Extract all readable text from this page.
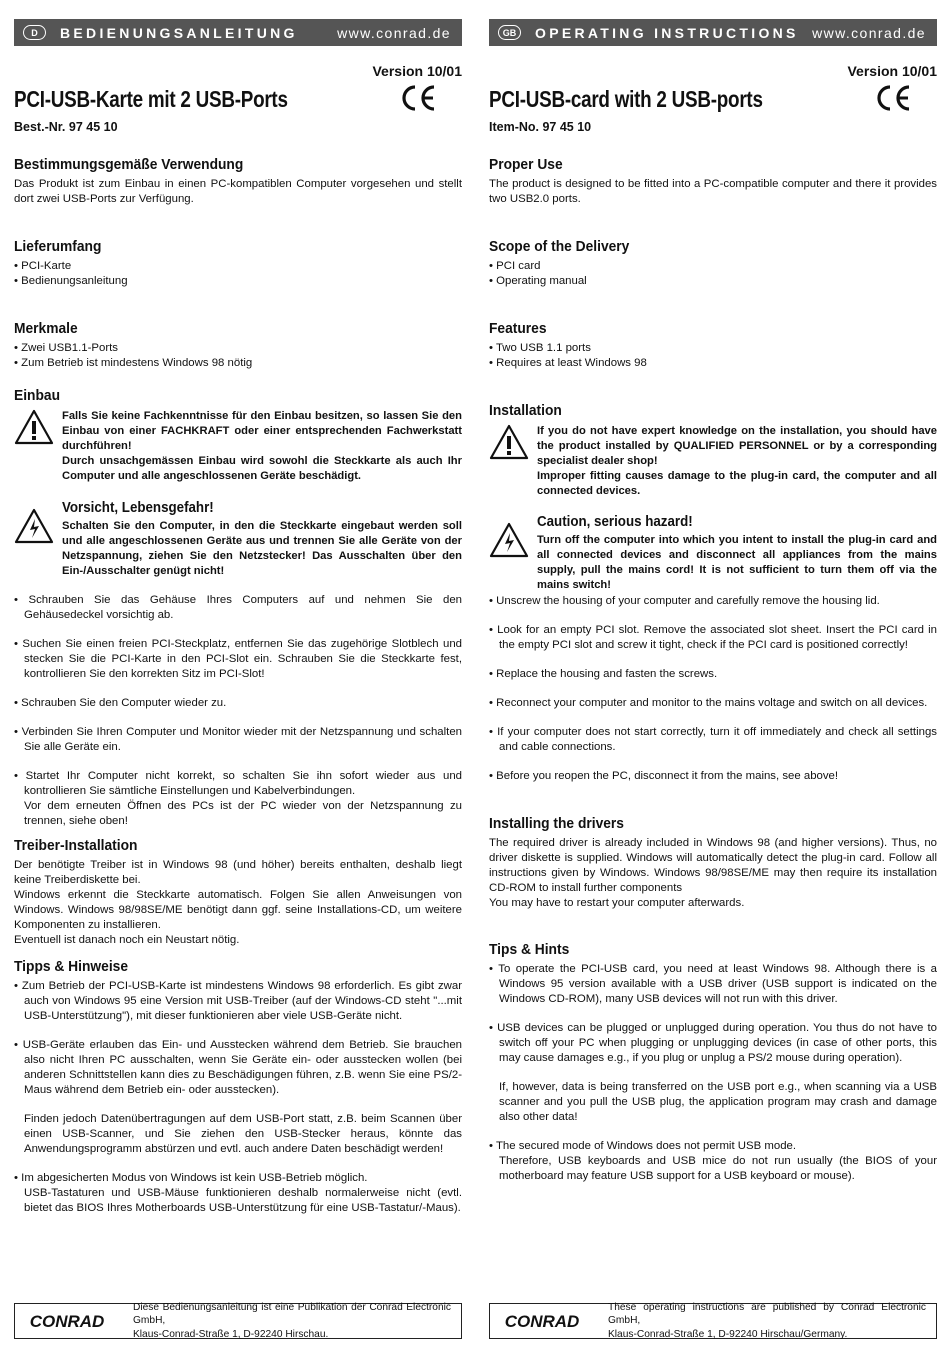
D	BEDIENUNGSANLEITUNG	www.conrad.de
Version 10/01
PCI-USB-Karte mit 2 USB-Ports
Best.-Nr. 97 45 10
Bestimmungsgemäße Verwendung

Das Produkt ist zum Einbau in einen PC-kompatiblen Computer vorgesehen und stellt dort zwei USB-Ports zur Verfügung.

Lieferumfang

• PCI-Karte

• Bedienungsanleitung

Merkmale

• Zwei USB1.1-Ports

• Zum Betrieb ist mindestens Windows 98 nötig

Einbau
Falls Sie keine Fachkenntnisse für den Einbau besitzen, so lassen Sie den Einbau von einer FACHKRAFT oder einer entsprechenden Fachwerkstatt durchführen!
Durch unsachgemässen Einbau wird sowohl die Steckkarte als auch Ihr Computer und alle angeschlossenen Geräte beschädigt.
Vorsicht, Lebensgefahr!
Schalten Sie den Computer, in den die Steckkarte eingebaut werden soll und alle angeschlossenen Geräte aus und trennen Sie alle Geräte von der Netzspannung, ziehen Sie den Netzstecker! Das Ausschalten über den Ein-/Ausschalter genügt nicht!

• Schrauben Sie das Gehäuse Ihres Computers auf und nehmen Sie den Gehäusedeckel vorsichtig ab.

• Suchen Sie einen freien PCI-Steckplatz, entfernen Sie das zugehörige Slotblech und stecken Sie die PCI-Karte in den PCI-Slot ein. Schrauben Sie die Steckkarte fest, kontrollieren Sie den korrekten Sitz im PCI-Slot!

• Schrauben Sie den Computer wieder zu.

• Verbinden Sie Ihren Computer und Monitor wieder mit der Netzspannung und schalten Sie alle Geräte ein.

• Startet Ihr Computer nicht korrekt, so schalten Sie ihn sofort wieder aus und kontrollieren Sie sämtliche Einstellungen und Kabelverbindungen.

Vor dem erneuten Öffnen des PCs ist der PC wieder von der Netzspannung zu trennen, siehe oben!

Treiber-Installation

Der benötigte Treiber ist in Windows 98 (und höher) bereits enthalten, deshalb liegt keine Treiberdiskette bei.

Windows erkennt die Steckkarte automatisch. Folgen Sie allen Anweisungen von Windows. Windows 98/98SE/ME benötigt dann ggf. seine Installations-CD, um weitere Komponenten zu installieren.

Eventuell ist danach noch ein Neustart nötig.

Tipps & Hinweise

• Zum Betrieb der PCI-USB-Karte ist mindestens Windows 98 erforderlich. Es gibt zwar auch von Windows 95 eine Version mit USB-Treiber (auf der Windows-CD steht "...mit USB-Unterstützung"), mit dieser funktionieren aber viele USB-Geräte nicht.

• USB-Geräte erlauben das Ein- und Ausstecken während dem Betrieb. Sie brauchen also nicht Ihren PC ausschalten, wenn Sie Geräte ein- oder ausstecken wollen (bei anderen Schnittstellen kann dies zu Beschädigungen führen, z.B. wenn Sie eine PS/2-Maus während dem Betrieb ein- oder ausstecken).

Finden jedoch Datenübertragungen auf dem USB-Port statt, z.B. beim Scannen über einen USB-Scanner, und Sie ziehen den USB-Stecker heraus, könnte das Anwendungsprogramm abstürzen und evtl. auch andere Daten beschädigt werden!

• Im abgesicherten Modus von Windows ist kein USB-Betrieb möglich.

USB-Tastaturen und USB-Mäuse funktionieren deshalb normalerweise nicht (evtl. bietet das BIOS Ihres Motherboards USB-Unterstützung für eine USB-Tastatur/-Maus).

CONRAD
Diese Bedienungsanleitung ist eine Publikation der Conrad Electronic GmbH,
Klaus-Conrad-Straße 1, D-92240 Hirschau.
GB	OPERATING INSTRUCTIONS www.conrad.de
Version 10/01
PCI-USB-card with 2 USB-ports
Item-No. 97 45 10
Proper Use

The product is designed to be fitted into a PC-compatible computer and there it provides two USB2.0 ports.

Scope of the Delivery

• PCI card

• Operating manual

Features

• Two USB 1.1 ports

• Requires at least Windows 98

Installation
If you do not have expert knowledge on the installation, you should have the product installed by QUALIFIED PERSONNEL or by a corresponding specialist dealer shop!
Improper fitting causes damage to the plug-in card, the computer and all connected devices.
Caution, serious hazard!
Turn off the computer into which you intent to install the plug-in card and all connected devices and disconnect all appliances from the mains supply, pull the mains cord! It is not sufficient to turn them off via the mains switch!

• Unscrew the housing of your computer and carefully remove the housing lid.

• Look for an empty PCI slot. Remove the associated slot sheet. Insert the PCI card in the empty PCI slot and screw it tight, check if the PCI card is positioned correctly!

• Replace the housing and fasten the screws.

• Reconnect your computer and monitor to the mains voltage and switch on all devices.

• If your computer does not start correctly, turn it off immediately and check all settings and cable connections.

• Before you reopen the PC, disconnect it from the mains, see above!

Installing the drivers

The required driver is already included in Windows 98 (and higher versions). Thus, no driver diskette is supplied. Windows will automatically detect the plug-in card. Follow all instructions given by Windows. Windows 98/98SE/ME may then require its installation CD-ROM to install further components

You may have to restart your computer afterwards.

Tips & Hints

• To operate the PCI-USB card, you need at least Windows 98. Although there is a Windows 95 version available with a USB driver (USB support is indicated on the Windows CD-ROM), many USB devices will not run with this driver.

• USB devices can be plugged or unplugged during operation. You thus do not have to switch off your PC when plugging or unplugging devices (in case of other ports, this may cause damages e.g., if you plug or unplug a PS/2 mouse during operation).

If, however, data is being transferred on the USB port e.g., when scanning via a USB scanner and you pull the USB plug, the application program may crash and damage also other data!

• The secured mode of Windows does not permit USB mode.

Therefore, USB keyboards and USB mice do not run usually (the BIOS of your motherboard may feature USB support for a USB keyboard or mouse).

CONRAD
These operating instructions are published by Conrad Electronic GmbH,
Klaus-Conrad-Straße 1, D-92240 Hirschau/Germany.
